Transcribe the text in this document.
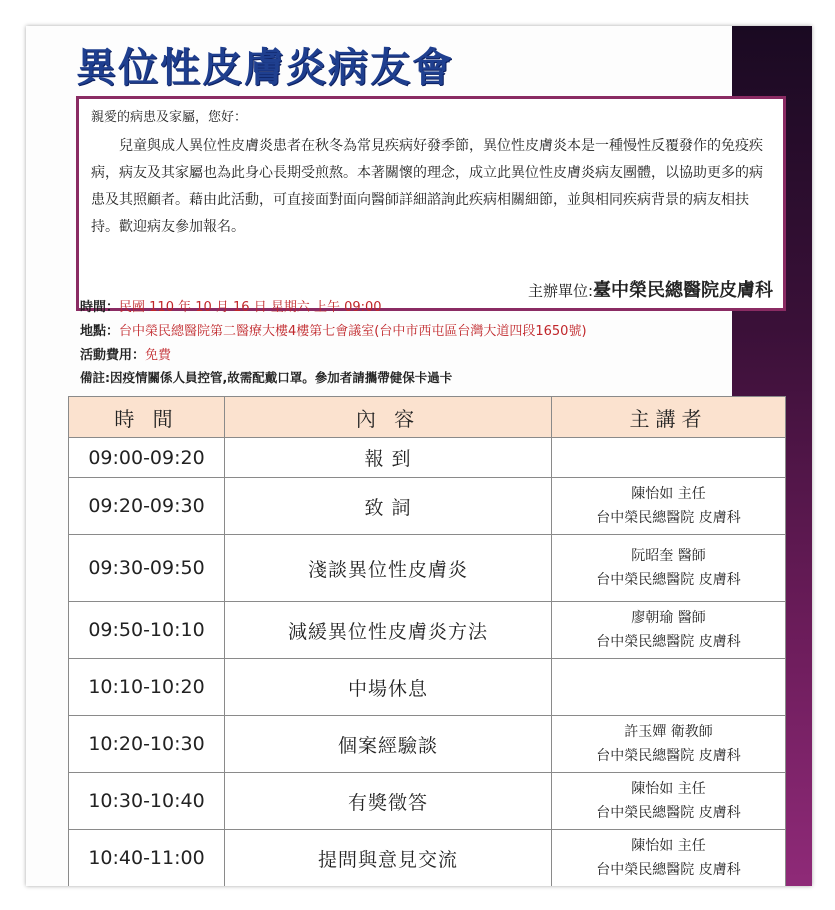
異位性皮膚炎病友會
親愛的病患及家屬，您好：
兒童與成人異位性皮膚炎患者在秋冬為常見疾病好發季節，異位性皮膚炎本是一種慢性反覆發作的免疫疾病，病友及其家屬也為此身心長期受煎熬。本著關懷的理念，成立此異位性皮膚炎病友團體，以協助更多的病患及其照顧者。藉由此活動，可直接面對面向醫師詳細諮詢此疾病相關細節，並與相同疾病背景的病友相扶持。歡迎病友參加報名。
主辦單位:臺中榮民總醫院皮膚科
時間：民國 110 年 10 月 16 日 星期六 上午 09:00
地點：台中榮民總醫院第二醫療大樓4樓第七會議室(台中市西屯區台灣大道四段1650號)
活動費用：免費
備註:因疫情關係人員控管,故需配戴口罩。參加者請攜帶健保卡過卡
時 間	內 容	主講者
09:00-09:20	報 到	

09:20-09:30	致 詞	陳怡如 主任
台中榮民總醫院 皮膚科

09:30-09:50	淺談異位性皮膚炎	阮昭奎 醫師
台中榮民總醫院 皮膚科

09:50-10:10	減緩異位性皮膚炎方法	廖朝瑜 醫師
台中榮民總醫院 皮膚科

10:10-10:20	中場休息	

10:20-10:30	個案經驗談	許玉嬋 衛教師
台中榮民總醫院 皮膚科

10:30-10:40	有獎徵答	陳怡如 主任
台中榮民總醫院 皮膚科

10:40-11:00	提問與意見交流	陳怡如 主任
台中榮民總醫院 皮膚科
